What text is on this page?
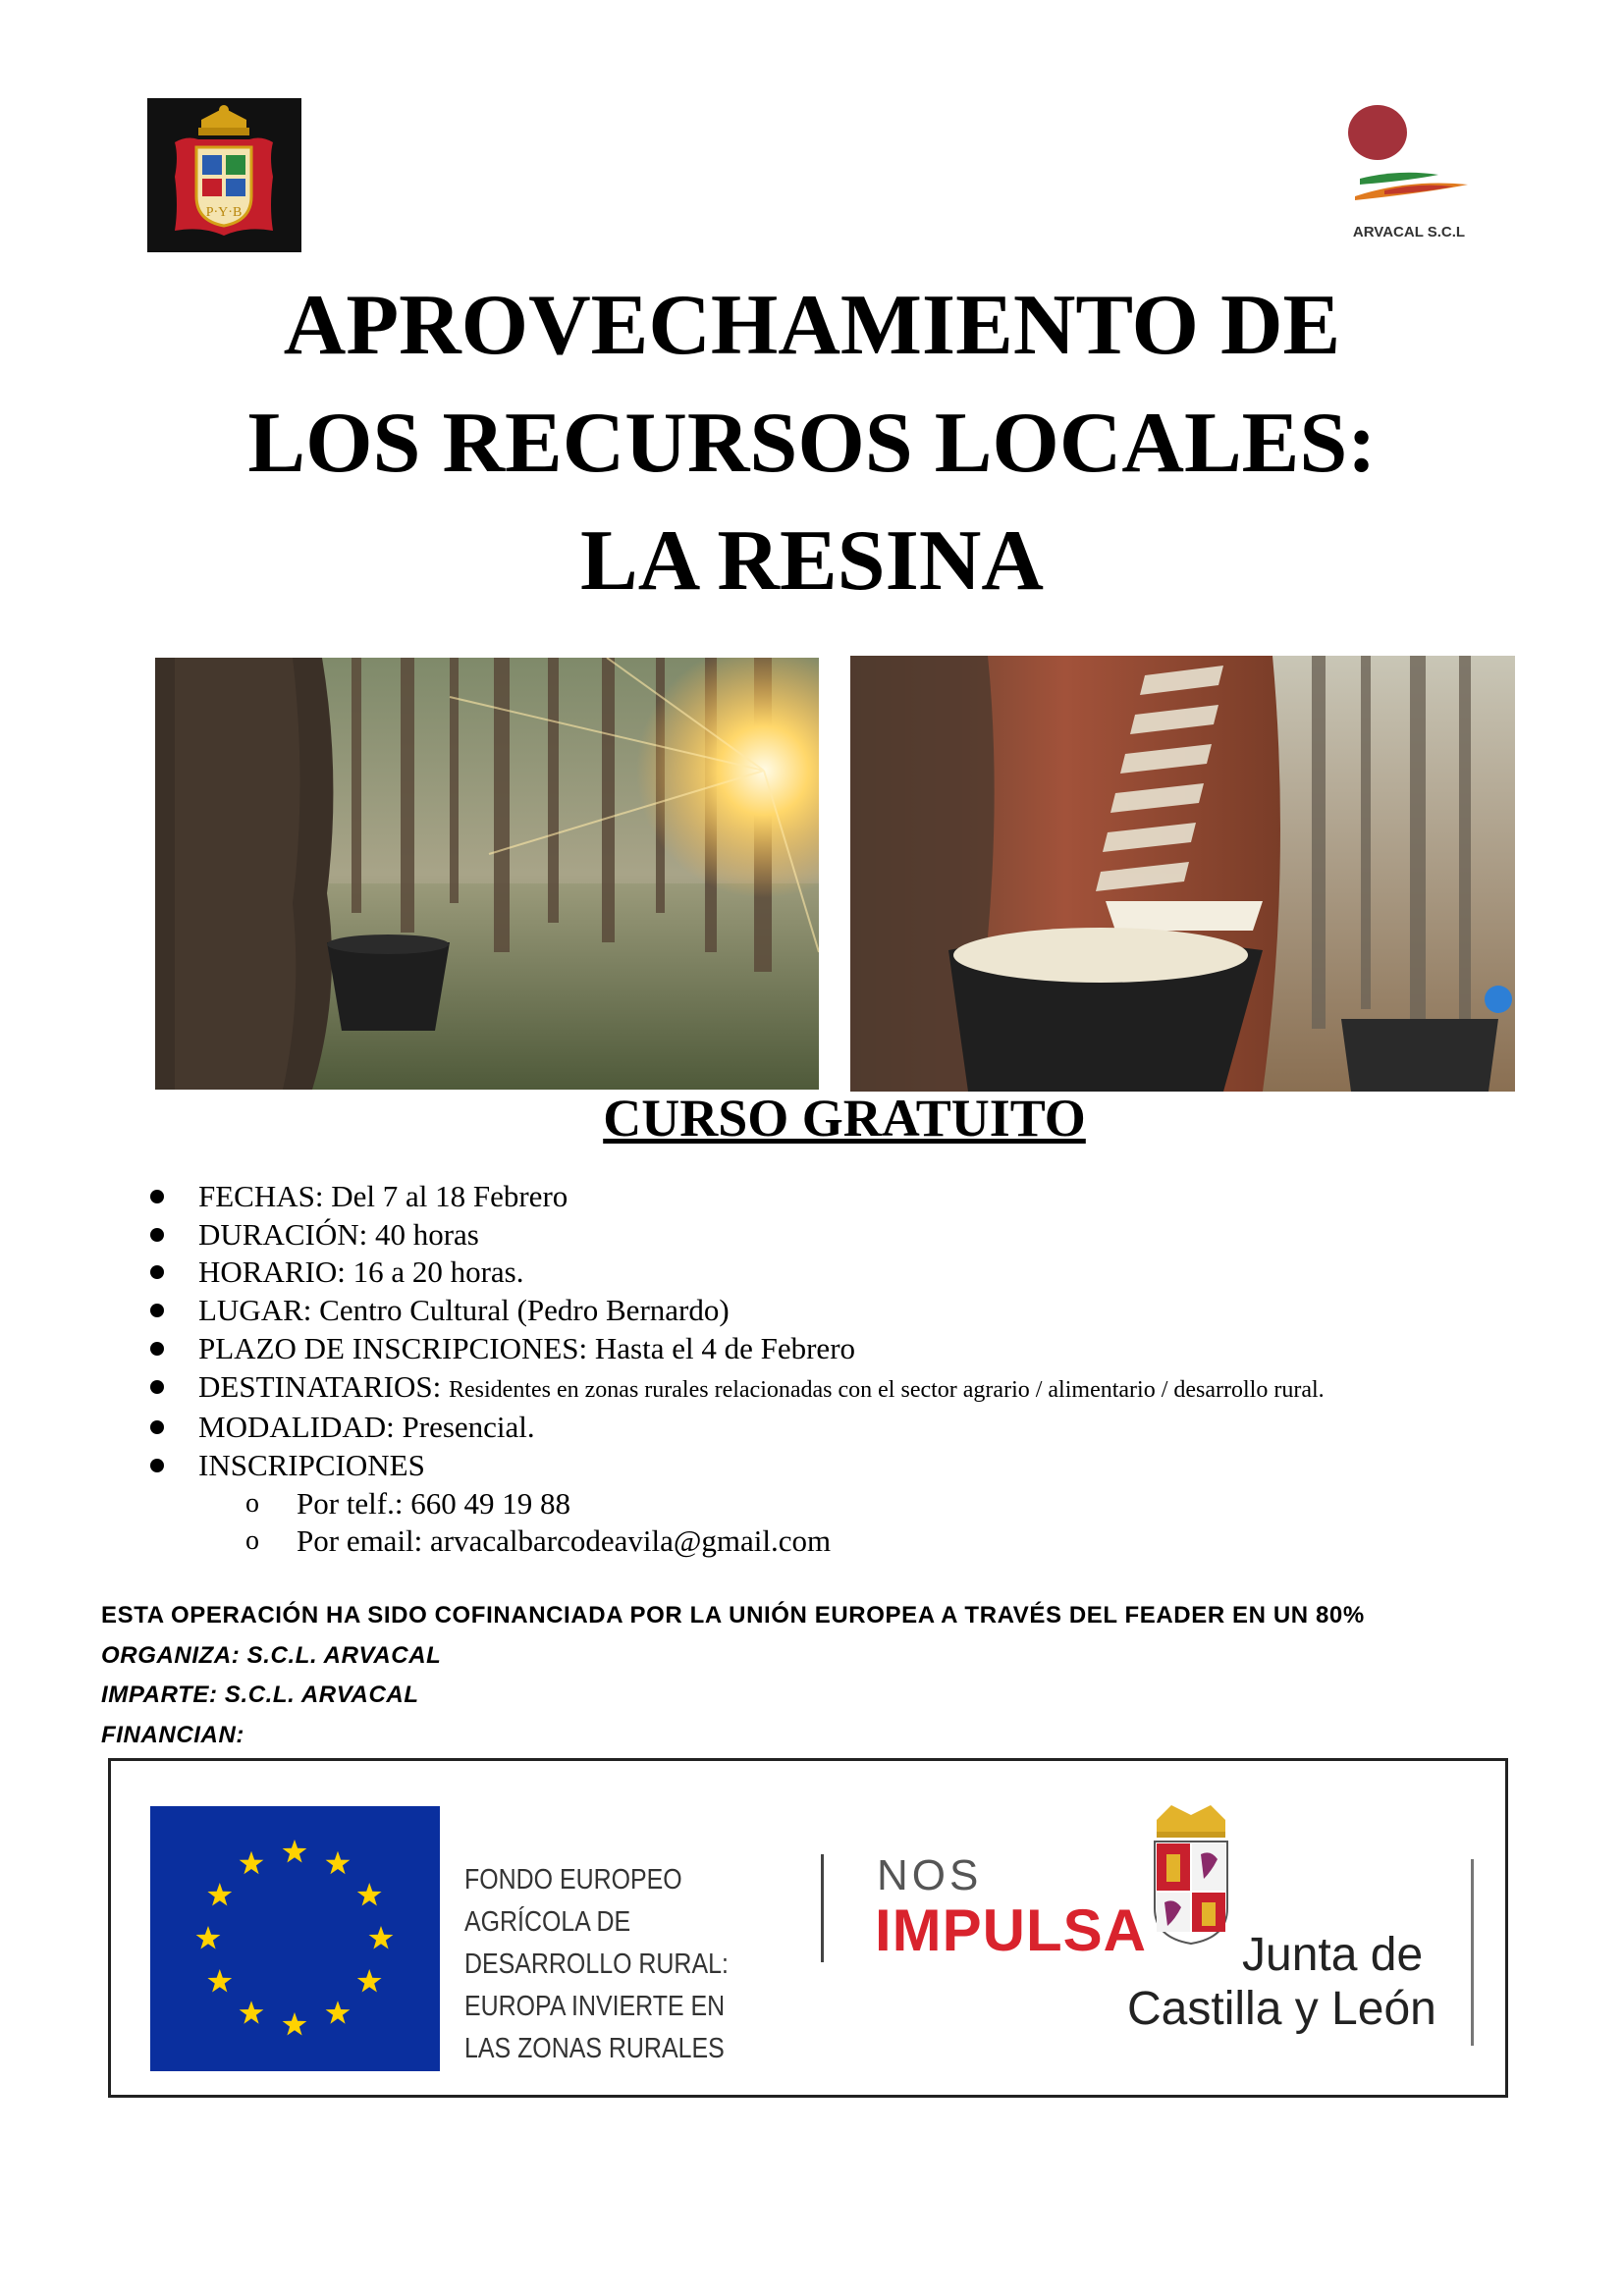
P·Y·B
ARVACAL S.C.L
APROVECHAMIENTO DE
LOS RECURSOS LOCALES:
LA RESINA
CURSO GRATUITO
FECHAS: Del 7 al 18 Febrero
DURACIÓN: 40 horas
HORARIO: 16 a 20 horas.
LUGAR: Centro Cultural (Pedro Bernardo)
PLAZO DE INSCRIPCIONES: Hasta el 4 de Febrero
DESTINATARIOS: Residentes en zonas rurales relacionadas con el sector agrario / alimentario / desarrollo rural.
MODALIDAD: Presencial.
INSCRIPCIONES
o Por telf.: 660 49 19 88
o Por email: arvacalbarcodeavila@gmail.com
ESTA OPERACIÓN HA SIDO COFINANCIADA POR LA UNIÓN EUROPEA A TRAVÉS DEL FEADER EN UN 80%
ORGANIZA: S.C.L. ARVACAL
IMPARTE: S.C.L. ARVACAL
FINANCIAN:
FONDO EUROPEO
AGRÍCOLA DE
DESARROLLO RURAL:
EUROPA INVIERTE EN
LAS ZONAS RURALES
NOS
IMPULSA Junta de
Castilla y León
